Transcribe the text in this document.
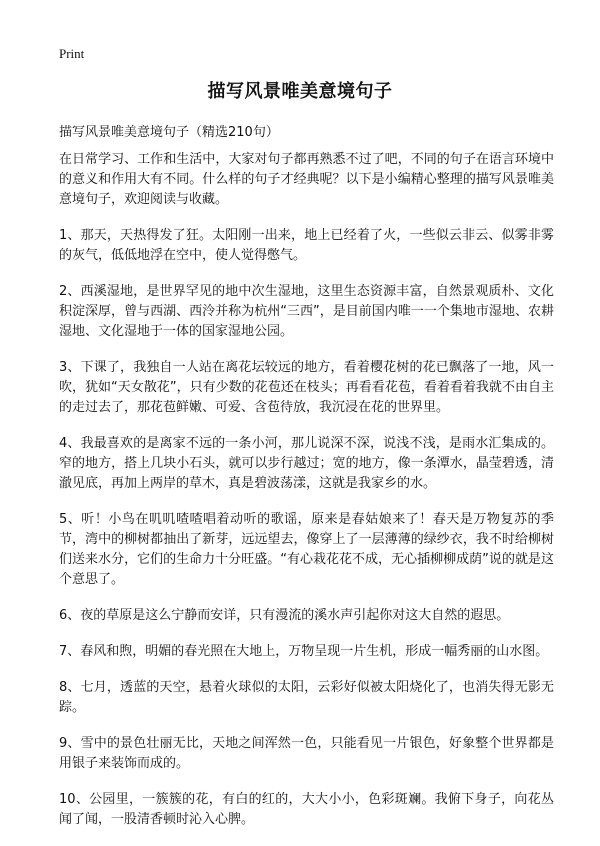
Print
描写风景唯美意境句子

描写风景唯美意境句子（精选210句）

在日常学习、工作和生活中，大家对句子都再熟悉不过了吧，不同的句子在语言环境中的意义和作用大有不同。什么样的句子才经典呢？以下是小编精心整理的描写风景唯美意境句子，欢迎阅读与收藏。

1、那天，天热得发了狂。太阳刚一出来，地上已经着了火，一些似云非云、似雾非雾的灰气，低低地浮在空中，使人觉得憋气。

2、西溪湿地，是世界罕见的地中次生湿地，这里生态资源丰富，自然景观质朴、文化积淀深厚，曾与西湖、西泠并称为杭州“三西”，是目前国内唯一一个集地市湿地、农耕湿地、文化湿地于一体的国家湿地公园。

3、下课了，我独自一人站在离花坛较远的地方，看着樱花树的花已飘落了一地，风一吹，犹如“天女散花”，只有少数的花苞还在枝头；再看看花苞，看着看着我就不由自主的走过去了，那花苞鲜嫩、可爱、含苞待放，我沉浸在花的世界里。

4、我最喜欢的是离家不远的一条小河，那儿说深不深，说浅不浅，是雨水汇集成的。窄的地方，搭上几块小石头，就可以步行越过；宽的地方，像一条潭水，晶莹碧透，清澈见底，再加上两岸的草木，真是碧波荡漾，这就是我家乡的水。

5、听！小鸟在叽叽喳喳唱着动听的歌谣，原来是春姑娘来了！春天是万物复苏的季节，湾中的柳树都抽出了新芽，远远望去，像穿上了一层薄薄的绿纱衣，我不时给柳树们送来水分，它们的生命力十分旺盛。“有心栽花花不成，无心插柳柳成荫”说的就是这个意思了。

6、夜的草原是这么宁静而安详，只有漫流的溪水声引起你对这大自然的遐思。

7、春风和煦，明媚的春光照在大地上，万物呈现一片生机，形成一幅秀丽的山水图。

8、七月，透蓝的天空，悬着火球似的太阳，云彩好似被太阳烧化了，也消失得无影无踪。

9、雪中的景色壮丽无比，天地之间浑然一色，只能看见一片银色，好象整个世界都是用银子来装饰而成的。

10、公园里，一簇簇的花，有白的红的，大大小小，色彩斑斓。我俯下身子，向花丛闻了闻，一股清香顿时沁入心脾。
